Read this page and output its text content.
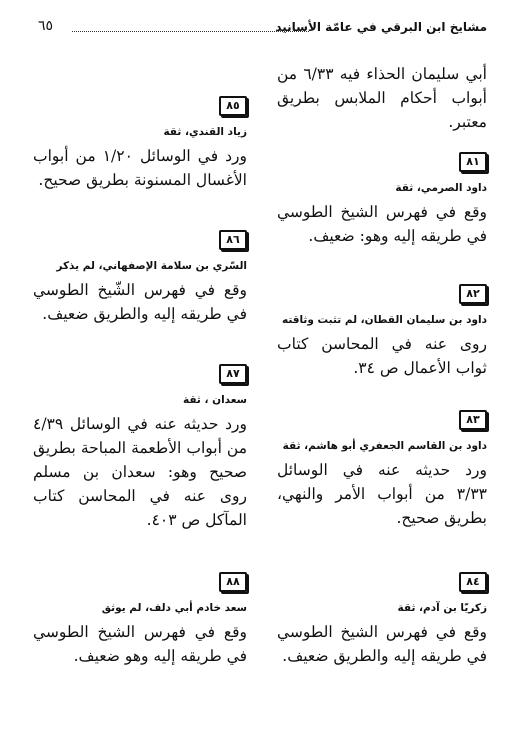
مشايخ ابن البرقي في عامّة الأسانيد
٦٥

أبي سليمان الحذاء فيه ٦/٣٣ من أبواب أحكام الملابس بطريق معتبر.

٨١

داود الصرمي، ثقة

وقع في فهرس الشيخ الطوسي في طريقه إليه وهو: ضعيف.

٨٢

داود بن سليمان القطان، لم تثبت وثاقته

روى عنه في المحاسن كتاب ثواب الأعمال ص ٣٤.

٨٣

داود بن القاسم الجعفري أبو هاشم، ثقة

ورد حديثه عنه في الوسائل ٣/٣٣ من أبواب الأمر والنهي، بطريق صحيح.

٨٤

زكريّا بن آدم، ثقة

وقع في فهرس الشيخ الطوسي في طريقه إليه والطريق ضعيف.

٨٥

زياد القندي، ثقة

ورد في الوسائل ١/٢٠ من أبواب الأغسال المسنونة بطريق صحيح.

٨٦

السّري بن سلامة الإصفهاني، لم يذكر

وقع في فهرس الشّيخ الطوسي في طريقه إليه والطريق ضعيف.

٨٧

سعدان ، ثقة

ورد حديثه عنه في الوسائل ٤/٣٩ من أبواب الأطعمة المباحة بطريق صحيح وهو: سعدان بن مسلم روى عنه في المحاسن كتاب المآكل ص ٤٠٣.

٨٨

سعد خادم أبي دلف، لم يوثق

وقع في فهرس الشيخ الطوسي في طريقه إليه وهو ضعيف.
